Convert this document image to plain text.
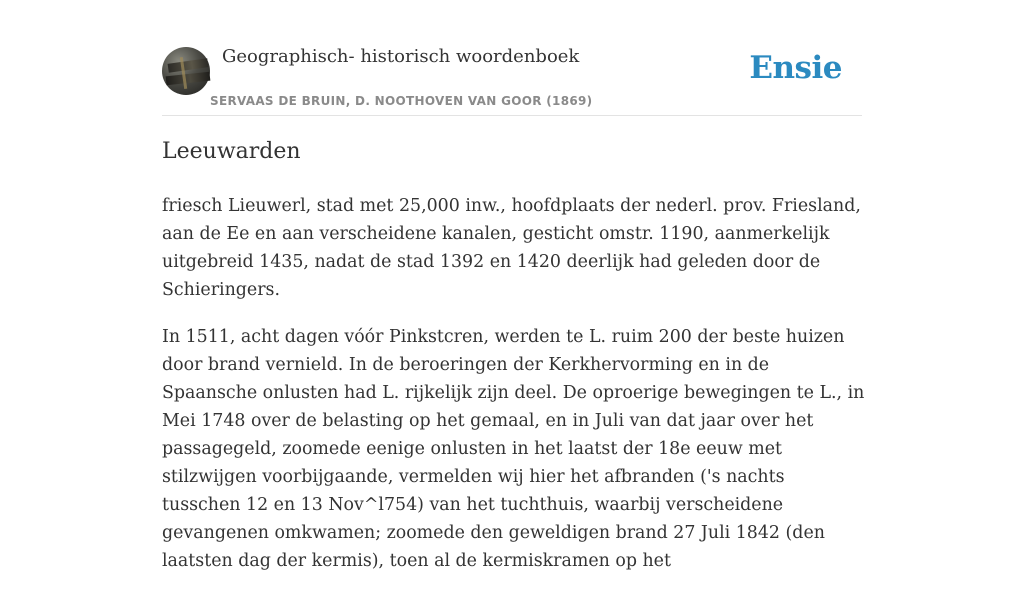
Geographisch- historisch woordenboek
SERVAAS DE BRUIN, D. NOOTHOVEN VAN GOOR (1869)
Ensie
Leeuwarden

friesch Lieuwerl, stad met 25,000 inw., hoofdplaats der nederl. prov. Friesland, aan de Ee en aan verscheidene kanalen, gesticht omstr. 1190, aanmerkelijk uitgebreid 1435, nadat de stad 1392 en 1420 deerlijk had geleden door de Schieringers.

In 1511, acht dagen vóór Pinkstcren, werden te L. ruim 200 der beste huizen door brand vernield. In de beroeringen der Kerkhervorming en in de Spaansche onlusten had L. rijkelijk zijn deel. De oproerige bewegingen te L., in Mei 1748 over de belasting op het gemaal, en in Juli van dat jaar over het passagegeld, zoomede eenige onlusten in het laatst der 18e eeuw met stilzwijgen voorbijgaande, vermelden wij hier het afbranden ('s nachts tusschen 12 en 13 Nov^l754) van het tuchthuis, waarbij verscheidene gevangenen omkwamen; zoomede den geweldigen brand 27 Juli 1842 (den laatsten dag der kermis), toen al de kermiskramen op het
